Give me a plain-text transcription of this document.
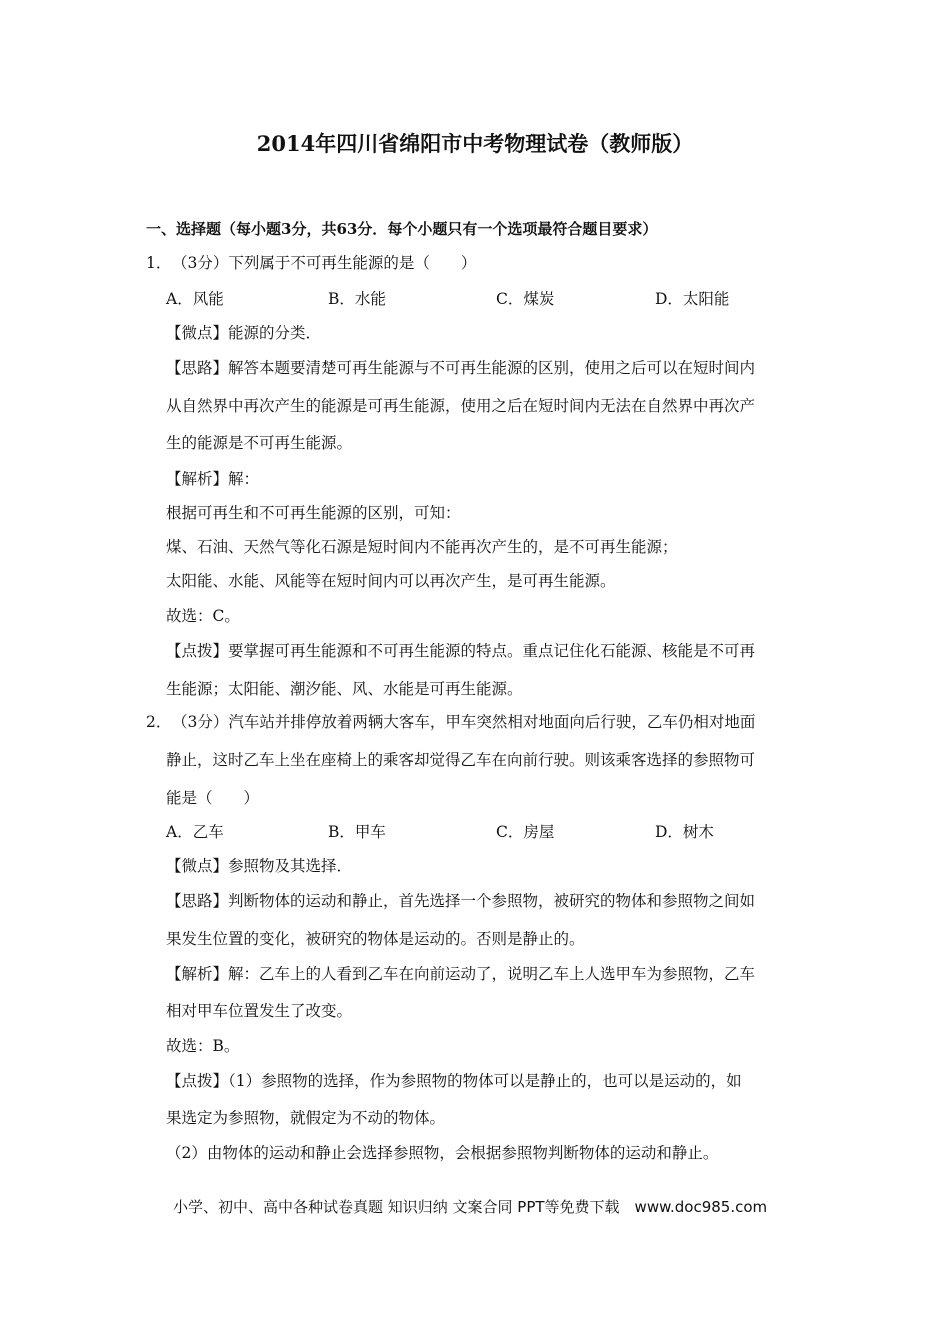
2014年四川省绵阳市中考物理试卷（教师版）
一、选择题（每小题3分，共63分．每个小题只有一个选项最符合题目要求）
1． （3分）下列属于不可再生能源的是（　　）
A．风能	B．水能	C．煤炭	D．太阳能
【微点】能源的分类．
【思路】解答本题要清楚可再生能源与不可再生能源的区别，使用之后可以在短时间内
从自然界中再次产生的能源是可再生能源，使用之后在短时间内无法在自然界中再次产
生的能源是不可再生能源。
【解析】解：
根据可再生和不可再生能源的区别，可知：
煤、石油、天然气等化石源是短时间内不能再次产生的，是不可再生能源；
太阳能、水能、风能等在短时间内可以再次产生，是可再生能源。
故选：C。
【点拨】要掌握可再生能源和不可再生能源的特点。重点记住化石能源、核能是不可再
生能源；太阳能、潮汐能、风、水能是可再生能源。
2． （3分）汽车站并排停放着两辆大客车，甲车突然相对地面向后行驶，乙车仍相对地面
静止，这时乙车上坐在座椅上的乘客却觉得乙车在向前行驶。则该乘客选择的参照物可
能是（　　）
A．乙车	B．甲车	C．房屋	D．树木
【微点】参照物及其选择．
【思路】判断物体的运动和静止，首先选择一个参照物，被研究的物体和参照物之间如
果发生位置的变化，被研究的物体是运动的。否则是静止的。
【解析】解：乙车上的人看到乙车在向前运动了，说明乙车上人选甲车为参照物，乙车
相对甲车位置发生了改变。
故选：B。
【点拨】（1）参照物的选择，作为参照物的物体可以是静止的，也可以是运动的，如
果选定为参照物，就假定为不动的物体。
（2）由物体的运动和静止会选择参照物，会根据参照物判断物体的运动和静止。
小学、初中、高中各种试卷真题 知识归纳 文案合同 PPT等免费下载　www.doc985.com
